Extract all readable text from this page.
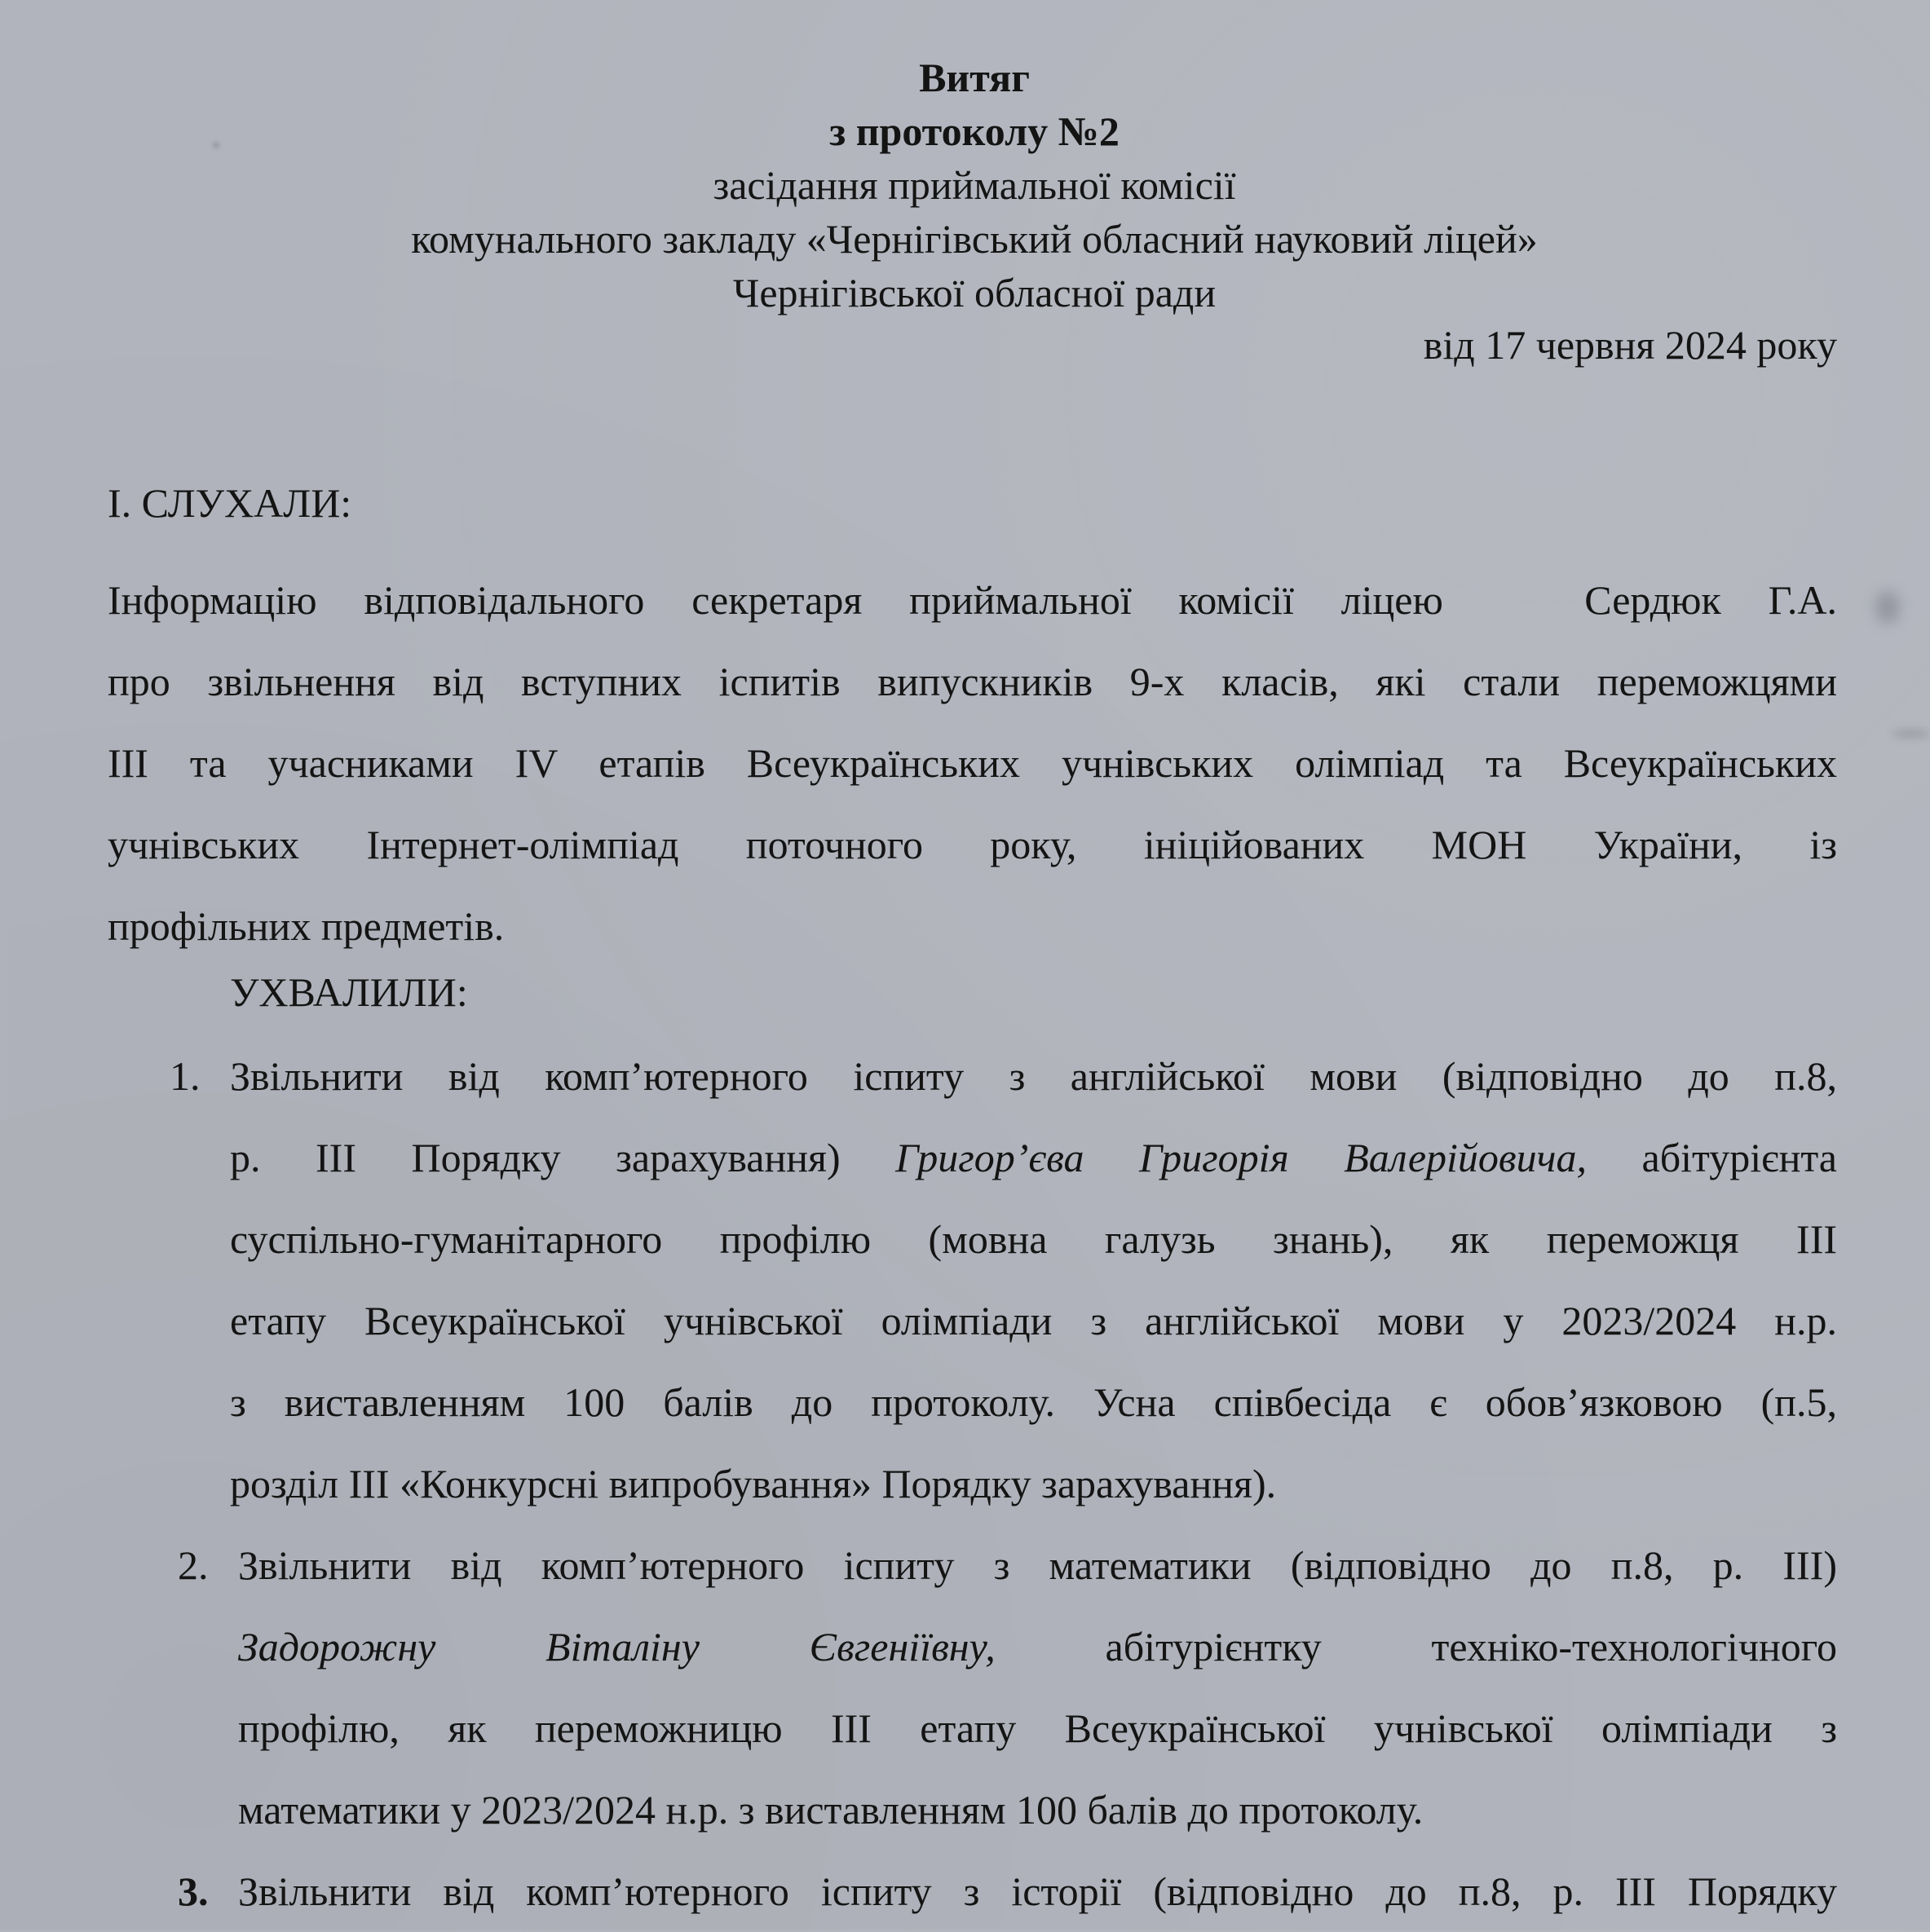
Витяг
з протоколу №2
засідання приймальної комісії
комунального закладу «Чернігівський обласний науковий ліцей»
Чернігівської обласної ради
від 17 червня 2024 року
І. СЛУХАЛИ:
Інформацію відповідального секретаря приймальної комісії ліцею   Сердюк Г.А.
про звільнення від вступних іспитів випускників 9-х класів, які стали переможцями
III та учасниками IV етапів Всеукраїнських учнівських олімпіад та Всеукраїнських
учнівських Інтернет-олімпіад поточного року, ініційованих МОН України, із
профільних предметів.
УХВАЛИЛИ:
1. Звільнити від комп’ютерного іспиту з англійської мови (відповідно до п.8,
р. III Порядку зарахування) Григор’єва Григорія Валерійовича, абітурієнта
суспільно-гуманітарного профілю (мовна галузь знань), як переможця III
етапу Всеукраїнської учнівської олімпіади з англійської мови у 2023/2024 н.р.
з виставленням 100 балів до протоколу. Усна співбесіда є обов’язковою (п.5,
розділ III «Конкурсні випробування» Порядку зарахування).
2. Звільнити від комп’ютерного іспиту з математики (відповідно до п.8, р. III)
Задорожну Віталіну Євгеніївну, абітурієнтку техніко-технологічного
профілю, як переможницю III етапу Всеукраїнської учнівської олімпіади з
математики у 2023/2024 н.р. з виставленням 100 балів до протоколу.
3. Звільнити від комп’ютерного іспиту з історії (відповідно до п.8, р. III Порядку
